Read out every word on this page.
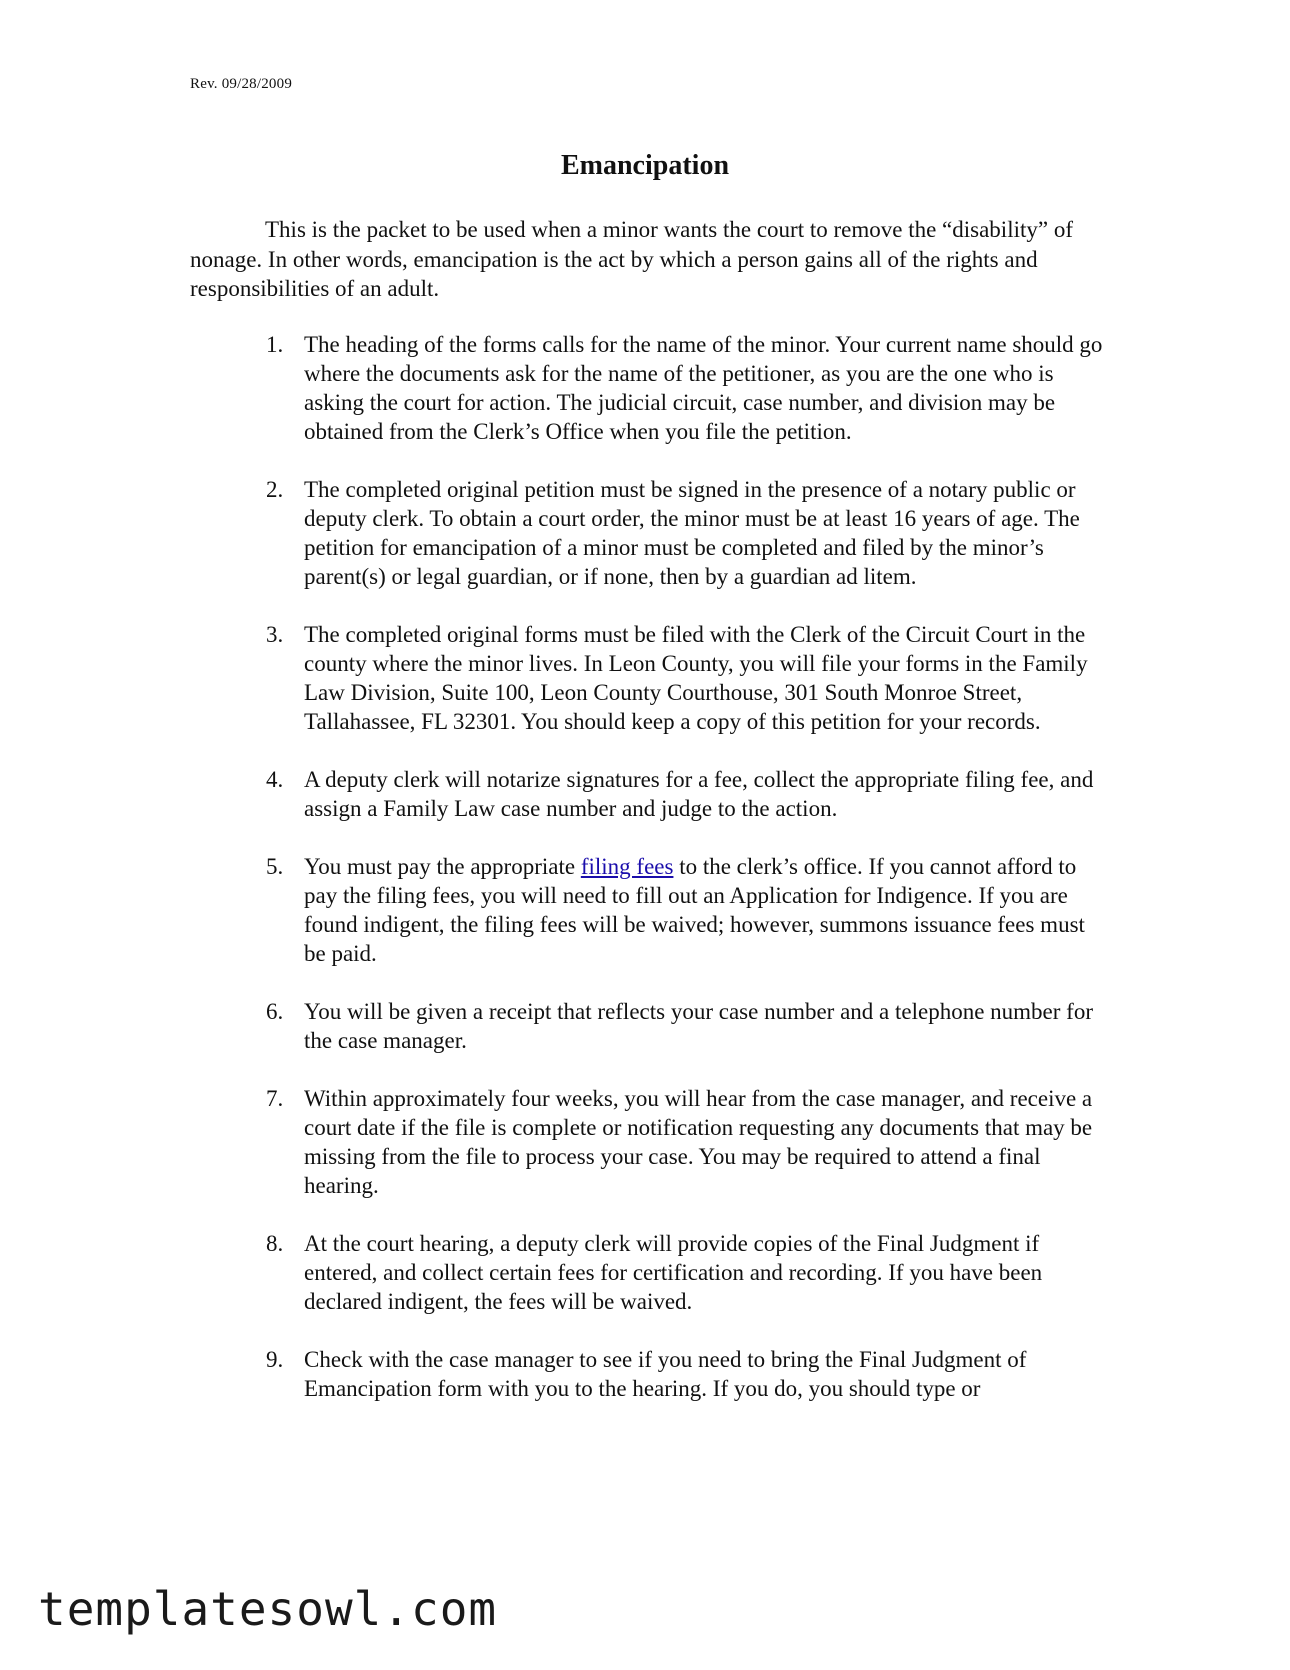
Rev. 09/28/2009
Emancipation

This is the packet to be used when a minor wants the court to remove the “disability” of nonage. In other words, emancipation is the act by which a person gains all of the rights and responsibilities of an adult.

1. The heading of the forms calls for the name of the minor. Your current name should go where the documents ask for the name of the petitioner, as you are the one who is asking the court for action. The judicial circuit, case number, and division may be obtained from the Clerk’s Office when you file the petition.
2. The completed original petition must be signed in the presence of a notary public or deputy clerk. To obtain a court order, the minor must be at least 16 years of age. The petition for emancipation of a minor must be completed and filed by the minor’s parent(s) or legal guardian, or if none, then by a guardian ad litem.
3. The completed original forms must be filed with the Clerk of the Circuit Court in the county where the minor lives. In Leon County, you will file your forms in the Family Law Division, Suite 100, Leon County Courthouse, 301 South Monroe Street, Tallahassee, FL 32301. You should keep a copy of this petition for your records.
4. A deputy clerk will notarize signatures for a fee, collect the appropriate filing fee, and assign a Family Law case number and judge to the action.
5. You must pay the appropriate filing fees to the clerk’s office. If you cannot afford to pay the filing fees, you will need to fill out an Application for Indigence. If you are found indigent, the filing fees will be waived; however, summons issuance fees must be paid.
6. You will be given a receipt that reflects your case number and a telephone number for the case manager.
7. Within approximately four weeks, you will hear from the case manager, and receive a court date if the file is complete or notification requesting any documents that may be missing from the file to process your case. You may be required to attend a final hearing.
8. At the court hearing, a deputy clerk will provide copies of the Final Judgment if entered, and collect certain fees for certification and recording. If you have been declared indigent, the fees will be waived.
9. Check with the case manager to see if you need to bring the Final Judgment of Emancipation form with you to the hearing. If you do, you should type or
templatesowl.com
